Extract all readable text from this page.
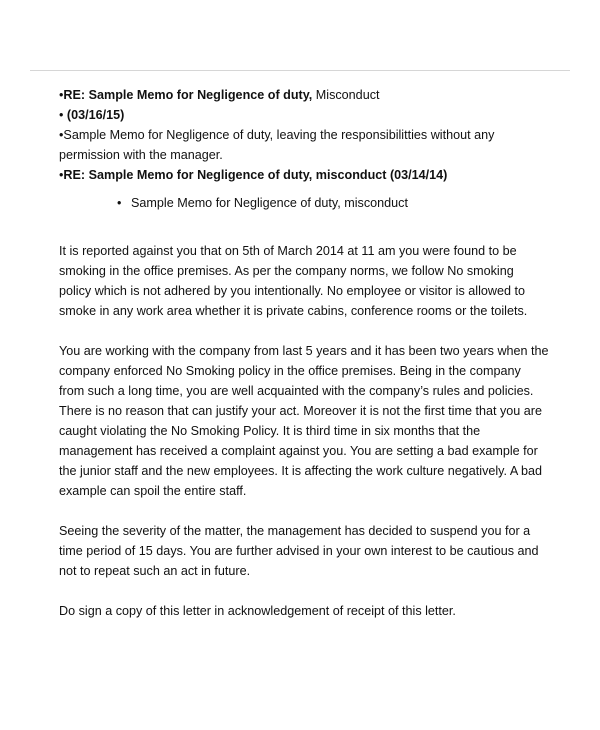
•RE: Sample Memo for Negligence of duty, Misconduct

• (03/16/15)

•Sample Memo for Negligence of duty, leaving the responsibilitties without any permission with the manager.

•RE: Sample Memo for Negligence of duty, misconduct (03/14/14)

• Sample Memo for Negligence of duty, misconduct

It is reported against you that on 5th of March 2014 at 11 am you were found to be smoking in the office premises. As per the company norms, we follow No smoking policy which is not adhered by you intentionally. No employee or visitor is allowed to smoke in any work area whether it is private cabins, conference rooms or the toilets.

You are working with the company from last 5 years and it has been two years when the company enforced No Smoking policy in the office premises. Being in the company from such a long time, you are well acquainted with the company’s rules and policies. There is no reason that can justify your act. Moreover it is not the first time that you are caught violating the No Smoking Policy. It is third time in six months that the management has received a complaint against you. You are setting a bad example for the junior staff and the new employees. It is affecting the work culture negatively. A bad example can spoil the entire staff.

Seeing the severity of the matter, the management has decided to suspend you for a time period of 15 days. You are further advised in your own interest to be cautious and not to repeat such an act in future.

Do sign a copy of this letter in acknowledgement of receipt of this letter.
